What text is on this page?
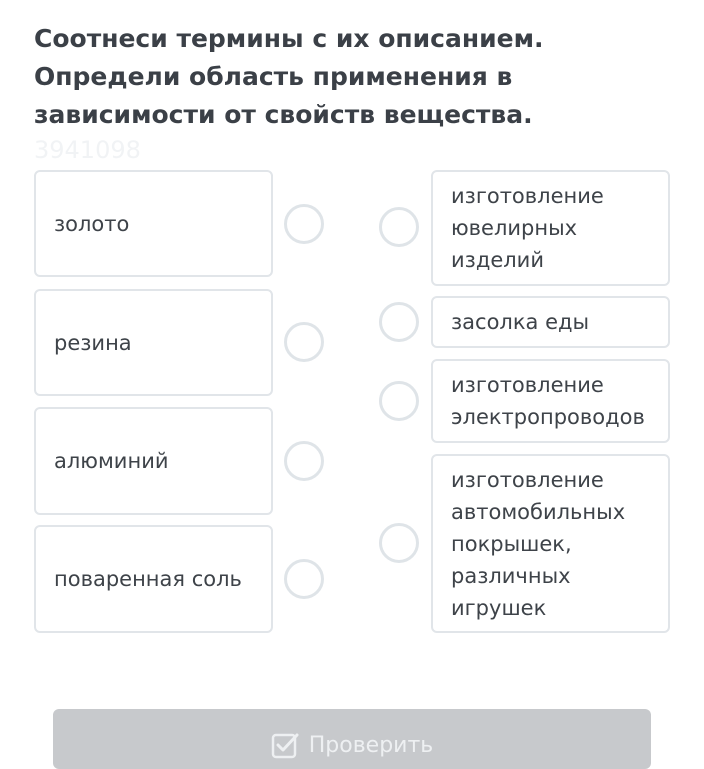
Соотнеси термины с их описанием. Определи область применения в зависимости от свойств вещества.
3941098
золото
резина
алюминий
поваренная соль
изготовление ювелирных изделий
засолка еды
изготовление электропроводов
изготовление автомобильных покрышек, различных игрушек
Проверить
